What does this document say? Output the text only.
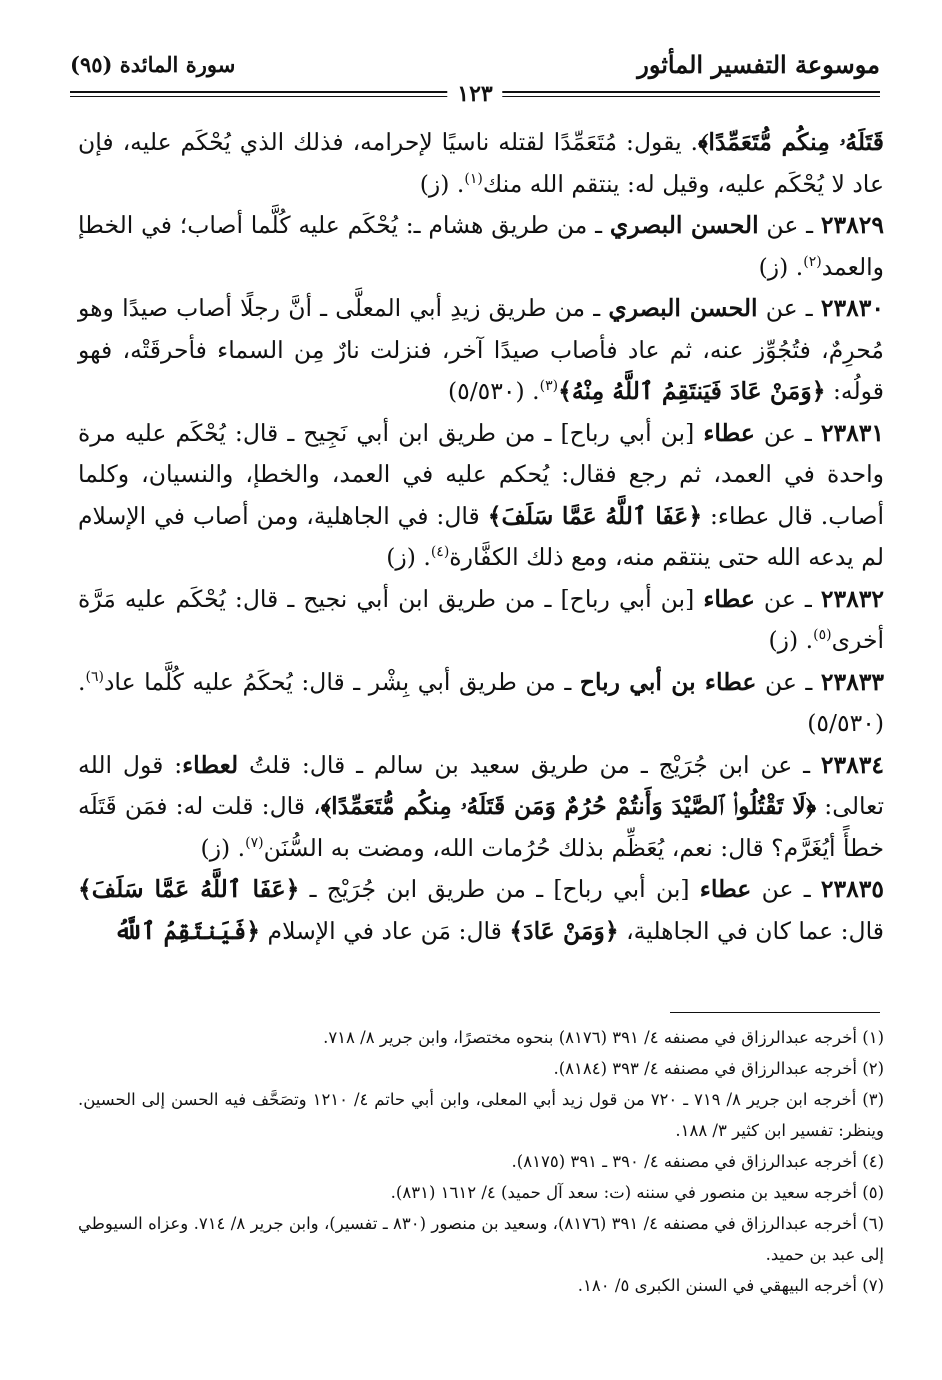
موسوعة التفسير المأثور
سورة المائدة (٩٥)
١٢٣

قَتَلَهُۥ مِنكُم مُّتَعَمِّدًا﴾. يقول: مُتَعَمِّدًا لقتله ناسيًا لإحرامه، فذلك الذي يُحْكَم عليه، فإن عاد لا يُحْكَم عليه، وقيل له: ينتقم الله منك$^{(١)}$. (ز)

٢٣٨٢٩ ـ عن الحسن البصري ـ من طريق هشام ـ: يُحْكَم عليه كُلَّما أصاب؛ في الخطإ والعمد$^{(٢)}$. (ز)

٢٣٨٣٠ ـ عن الحسن البصري ـ من طريق زيدِ أبي المعلَّى ـ أنَّ رجلًا أصاب صيدًا وهو مُحرِمٌ، فتُجُوِّز عنه، ثم عاد فأصاب صيدًا آخر، فنزلت نارٌ مِن السماء فأحرقَتْه، فهو قولُه: ﴿وَمَنْ عَادَ فَيَنتَقِمُ ٱللَّهُ مِنْهُ﴾$^{(٣)}$. (٥/٥٣٠)

٢٣٨٣١ ـ عن عطاء [بن أبي رباح] ـ من طريق ابن أبي نَجِيح ـ قال: يُحْكَم عليه مرة واحدة في العمد، ثم رجع فقال: يُحكم عليه في العمد، والخطإ، والنسيان، وكلما أصاب. قال عطاء: ﴿عَفَا ٱللَّهُ عَمَّا سَلَفَ﴾ قال: في الجاهلية، ومن أصاب في الإسلام لم يدعه الله حتى ينتقم منه، ومع ذلك الكفَّارة$^{(٤)}$. (ز)

٢٣٨٣٢ ـ عن عطاء [بن أبي رباح] ـ من طريق ابن أبي نجيح ـ قال: يُحْكَم عليه مَرَّة أخرى$^{(٥)}$. (ز)

٢٣٨٣٣ ـ عن عطاء بن أبي رباح ـ من طريق أبي بِشْر ـ قال: يُحكَمُ عليه كُلَّما عاد$^{(٦)}$. (٥/٥٣٠)

٢٣٨٣٤ ـ عن ابن جُرَيْج ـ من طريق سعيد بن سالم ـ قال: قلتُ لعطاء: قول الله تعالى: ﴿لَا تَقْتُلُوا۟ ٱلصَّيْدَ وَأَنتُمْ حُرُمٌ وَمَن قَتَلَهُۥ مِنكُم مُّتَعَمِّدًا﴾، قال: قلت له: فمَن قَتَلَه خطأً أيُغَرَّم؟ قال: نعم، يُعَظِّم بذلك حُرُمات الله، ومضت به السُّنَن$^{(٧)}$. (ز)

٢٣٨٣٥ ـ عن عطاء [بن أبي رباح] ـ من طريق ابن جُرَيْج ـ ﴿عَفَا ٱللَّهُ عَمَّا سَلَفَ﴾ قال: عما كان في الجاهلية، ﴿وَمَنْ عَادَ﴾ قال: مَن عاد في الإسلام ﴿فَيَنتَقِمُ ٱللَّهُ

(١) أخرجه عبدالرزاق في مصنفه ٤/ ٣٩١ (٨١٧٦) بنحوه مختصرًا، وابن جرير ٨/ ٧١٨.

(٢) أخرجه عبدالرزاق في مصنفه ٤/ ٣٩٣ (٨١٨٤).

(٣) أخرجه ابن جرير ٨/ ٧١٩ ـ ٧٢٠ من قول زيد أبي المعلى، وابن أبي حاتم ٤/ ١٢١٠ وتصَحَّف فيه الحسن إلى الحسين. وينظر: تفسير ابن كثير ٣/ ١٨٨.

(٤) أخرجه عبدالرزاق في مصنفه ٤/ ٣٩٠ ـ ٣٩١ (٨١٧٥).

(٥) أخرجه سعيد بن منصور في سننه (ت: سعد آل حميد) ٤/ ١٦١٢ (٨٣١).

(٦) أخرجه عبدالرزاق في مصنفه ٤/ ٣٩١ (٨١٧٦)، وسعيد بن منصور (٨٣٠ ـ تفسير)، وابن جرير ٨/ ٧١٤. وعزاه السيوطي إلى عبد بن حميد.

(٧) أخرجه البيهقي في السنن الكبرى ٥/ ١٨٠.
